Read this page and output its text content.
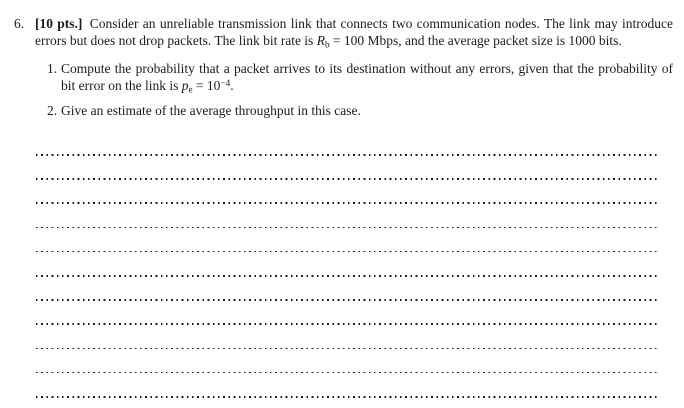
6. [10 pts.] Consider an unreliable transmission link that connects two communication nodes. The link may introduce errors but does not drop packets. The link bit rate is $R_b = 100$ Mbps, and the average packet size is 1000 bits.
1. Compute the probability that a packet arrives to its destination without any errors, given that the probability of bit error on the link is $p_e = 10^{-4}$.
2. Give an estimate of the average throughput in this case.
